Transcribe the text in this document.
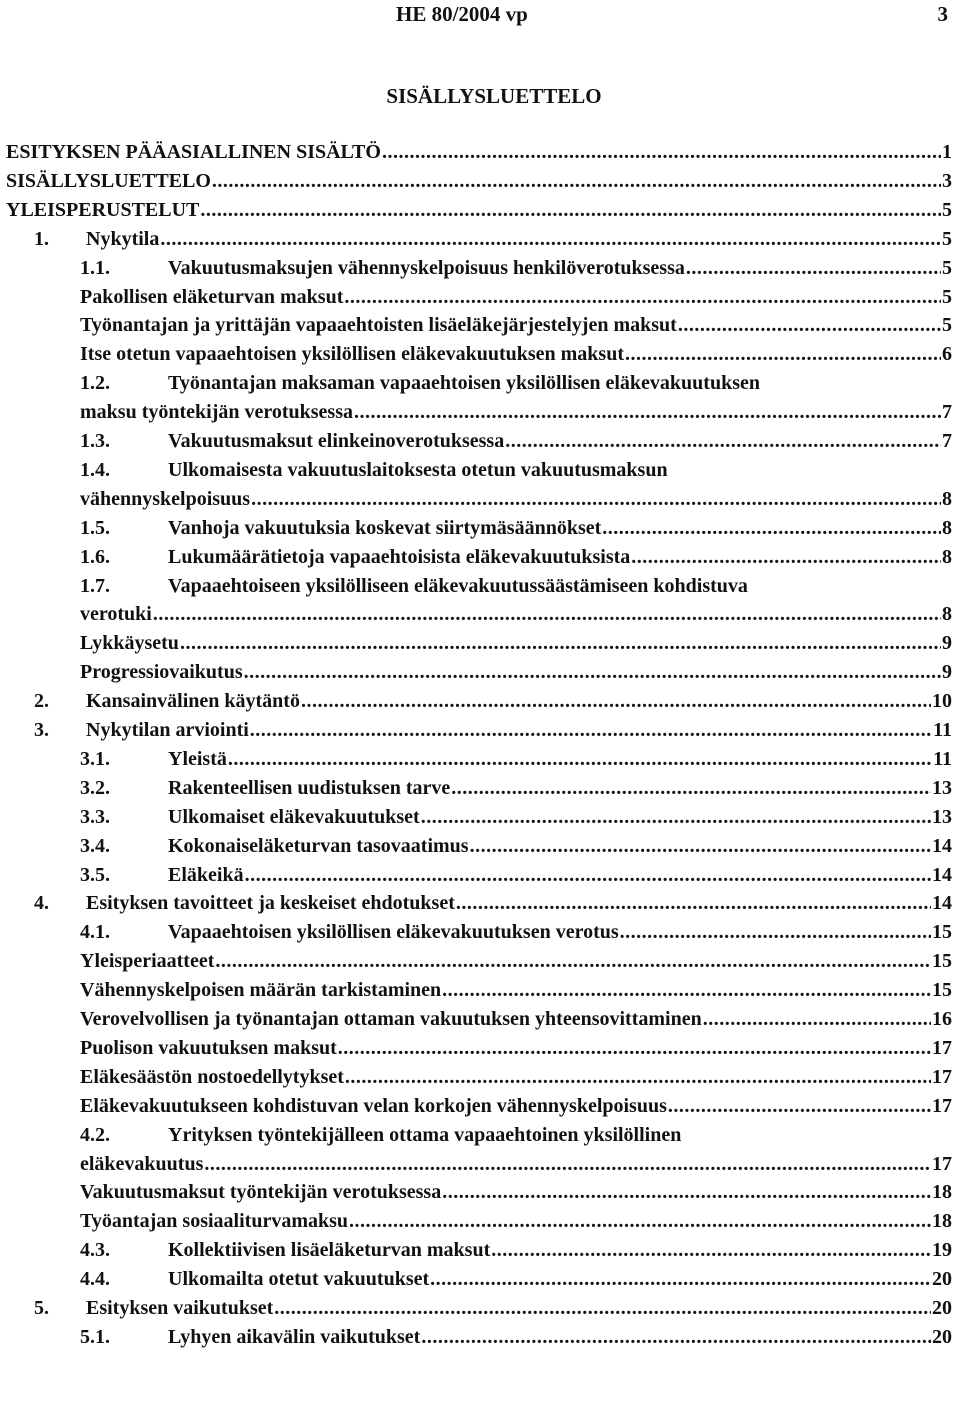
HE 80/2004 vp	3
SISÄLLYSLUETTELO
ESITYKSEN PÄÄASIALLINEN SISÄLTÖ .....	1
SISÄLLYSLUETTELO .....	3
YLEISPERUSTELUT .....	5
1. Nykytila .....	5
1.1.	Vakuutusmaksujen vähennyskelpoisuus henkilöverotuksessa .....	5
Pakollisen eläketurvan maksut .....	5
Työnantajan ja yrittäjän vapaaehtoisten lisäeläkejärjestelyjen maksut .....	5
Itse otetun vapaaehtoisen yksilöllisen eläkevakuutuksen maksut .....	6
1.2.	Työnantajan maksaman vapaaehtoisen yksilöllisen eläkevakuutuksen
maksu työntekijän verotuksessa .....	7
1.3.	Vakuutusmaksut elinkeinoverotuksessa .....	7
1.4.	Ulkomaisesta vakuutuslaitoksesta otetun vakuutusmaksun
vähennyskelpoisuus .....	8
1.5.	Vanhoja vakuutuksia koskevat siirtymäsäännökset .....	8
1.6.	Lukumäärätietoja vapaaehtoisista eläkevakuutuksista .....	8
1.7.	Vapaaehtoiseen yksilölliseen eläkevakuutussäästämiseen kohdistuva
verotuki .....	8
Lykkäysetu .....	9
Progressiovaikutus .....	9
2. Kansainvälinen käytäntö .....	10
3. Nykytilan arviointi .....	11
3.1.	Yleistä .....	11
3.2.	Rakenteellisen uudistuksen tarve .....	13
3.3.	Ulkomaiset eläkevakuutukset .....	13
3.4.	Kokonaiseläketurvan tasovaatimus .....	14
3.5.	Eläkeikä .....	14
4. Esityksen tavoitteet ja keskeiset ehdotukset .....	14
4.1.	Vapaaehtoisen yksilöllisen eläkevakuutuksen verotus .....	15
Yleisperiaatteet .....	15
Vähennyskelpoisen määrän tarkistaminen .....	15
Verovelvollisen ja työnantajan ottaman vakuutuksen yhteensovittaminen .....	16
Puolison vakuutuksen maksut .....	17
Eläkesäästön nostoedellytykset .....	17
Eläkevakuutukseen kohdistuvan velan korkojen vähennyskelpoisuus .....	17
4.2.	Yrityksen työntekijälleen ottama vapaaehtoinen yksilöllinen
eläkevakuutus .....	17
Vakuutusmaksut työntekijän verotuksessa .....	18
Työantajan sosiaaliturvamaksu .....	18
4.3.	Kollektiivisen lisäeläketurvan maksut .....	19
4.4.	Ulkomailta otetut vakuutukset .....	20
5. Esityksen vaikutukset .....	20
5.1.	Lyhyen aikavälin vaikutukset .....	20
